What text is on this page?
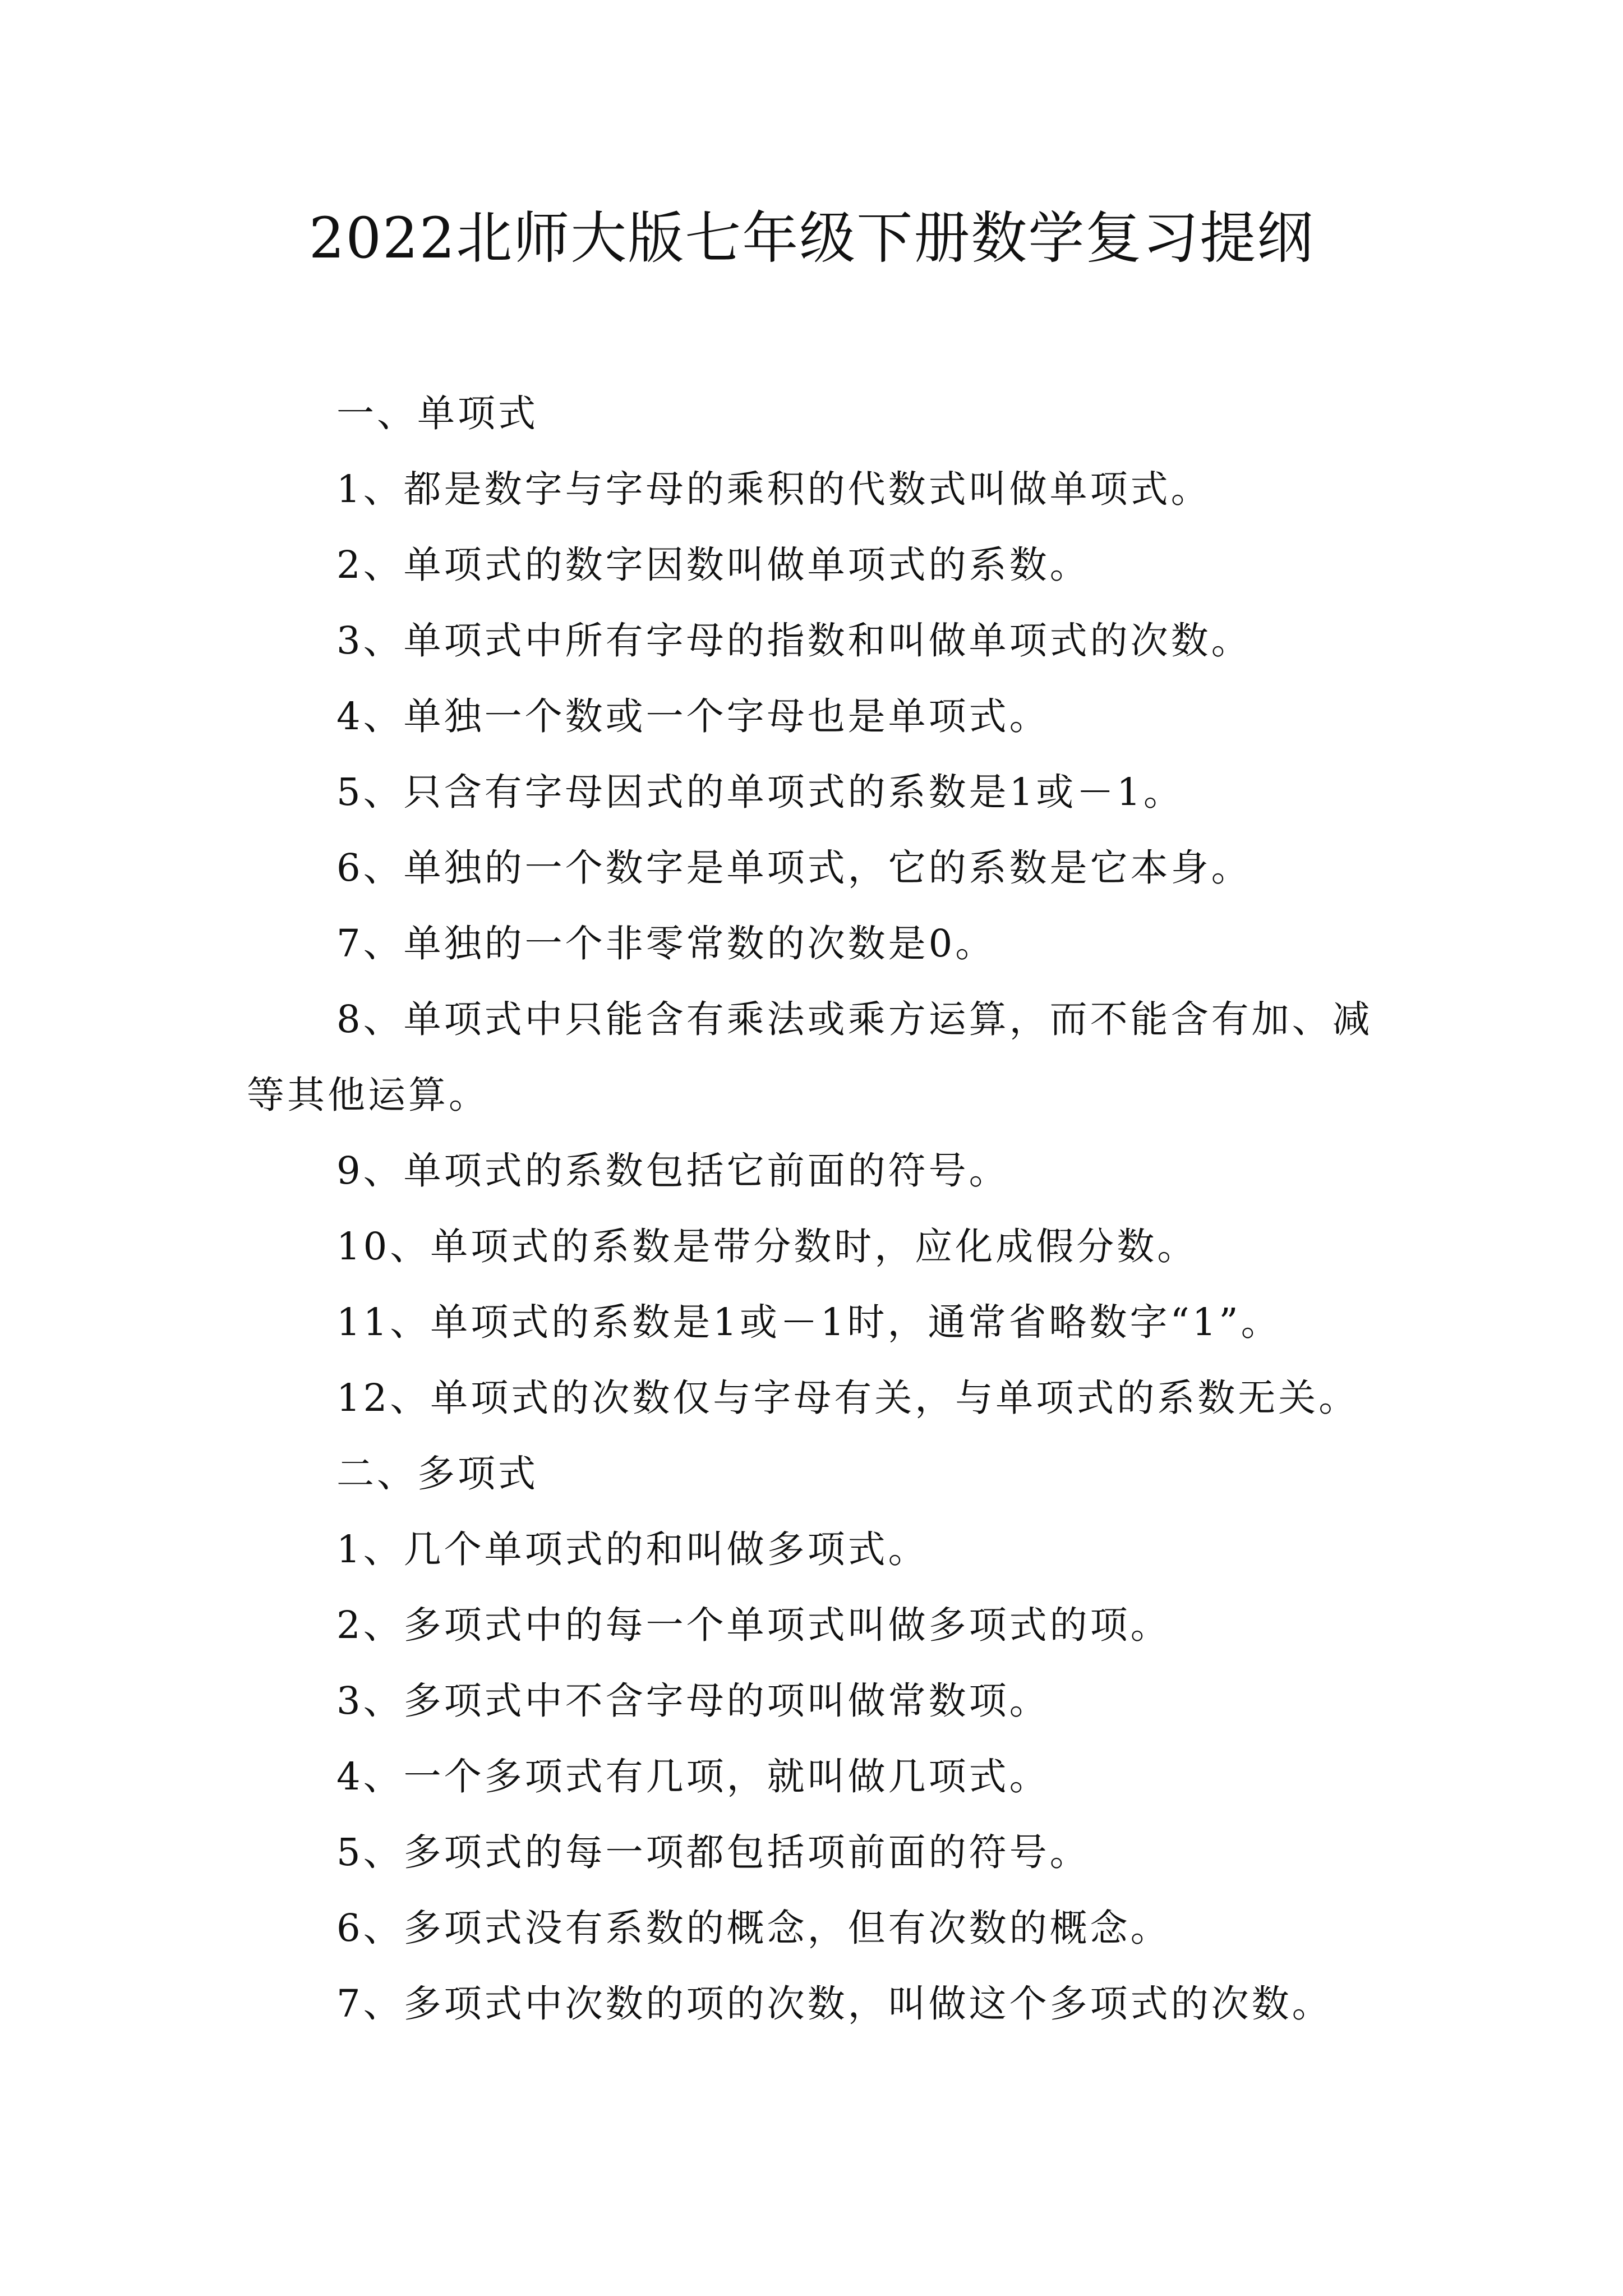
2022北师大版七年级下册数学复习提纲

一、单项式

1、都是数字与字母的乘积的代数式叫做单项式。

2、单项式的数字因数叫做单项式的系数。

3、单项式中所有字母的指数和叫做单项式的次数。

4、单独一个数或一个字母也是单项式。

5、只含有字母因式的单项式的系数是1或－1。

6、单独的一个数字是单项式，它的系数是它本身。

7、单独的一个非零常数的次数是0。

8、单项式中只能含有乘法或乘方运算，而不能含有加、减等其他运算。

9、单项式的系数包括它前面的符号。

10、单项式的系数是带分数时，应化成假分数。

11、单项式的系数是1或－1时，通常省略数字“1”。

12、单项式的次数仅与字母有关，与单项式的系数无关。

二、多项式

1、几个单项式的和叫做多项式。

2、多项式中的每一个单项式叫做多项式的项。

3、多项式中不含字母的项叫做常数项。

4、一个多项式有几项，就叫做几项式。

5、多项式的每一项都包括项前面的符号。

6、多项式没有系数的概念，但有次数的概念。

7、多项式中次数的项的次数，叫做这个多项式的次数。
